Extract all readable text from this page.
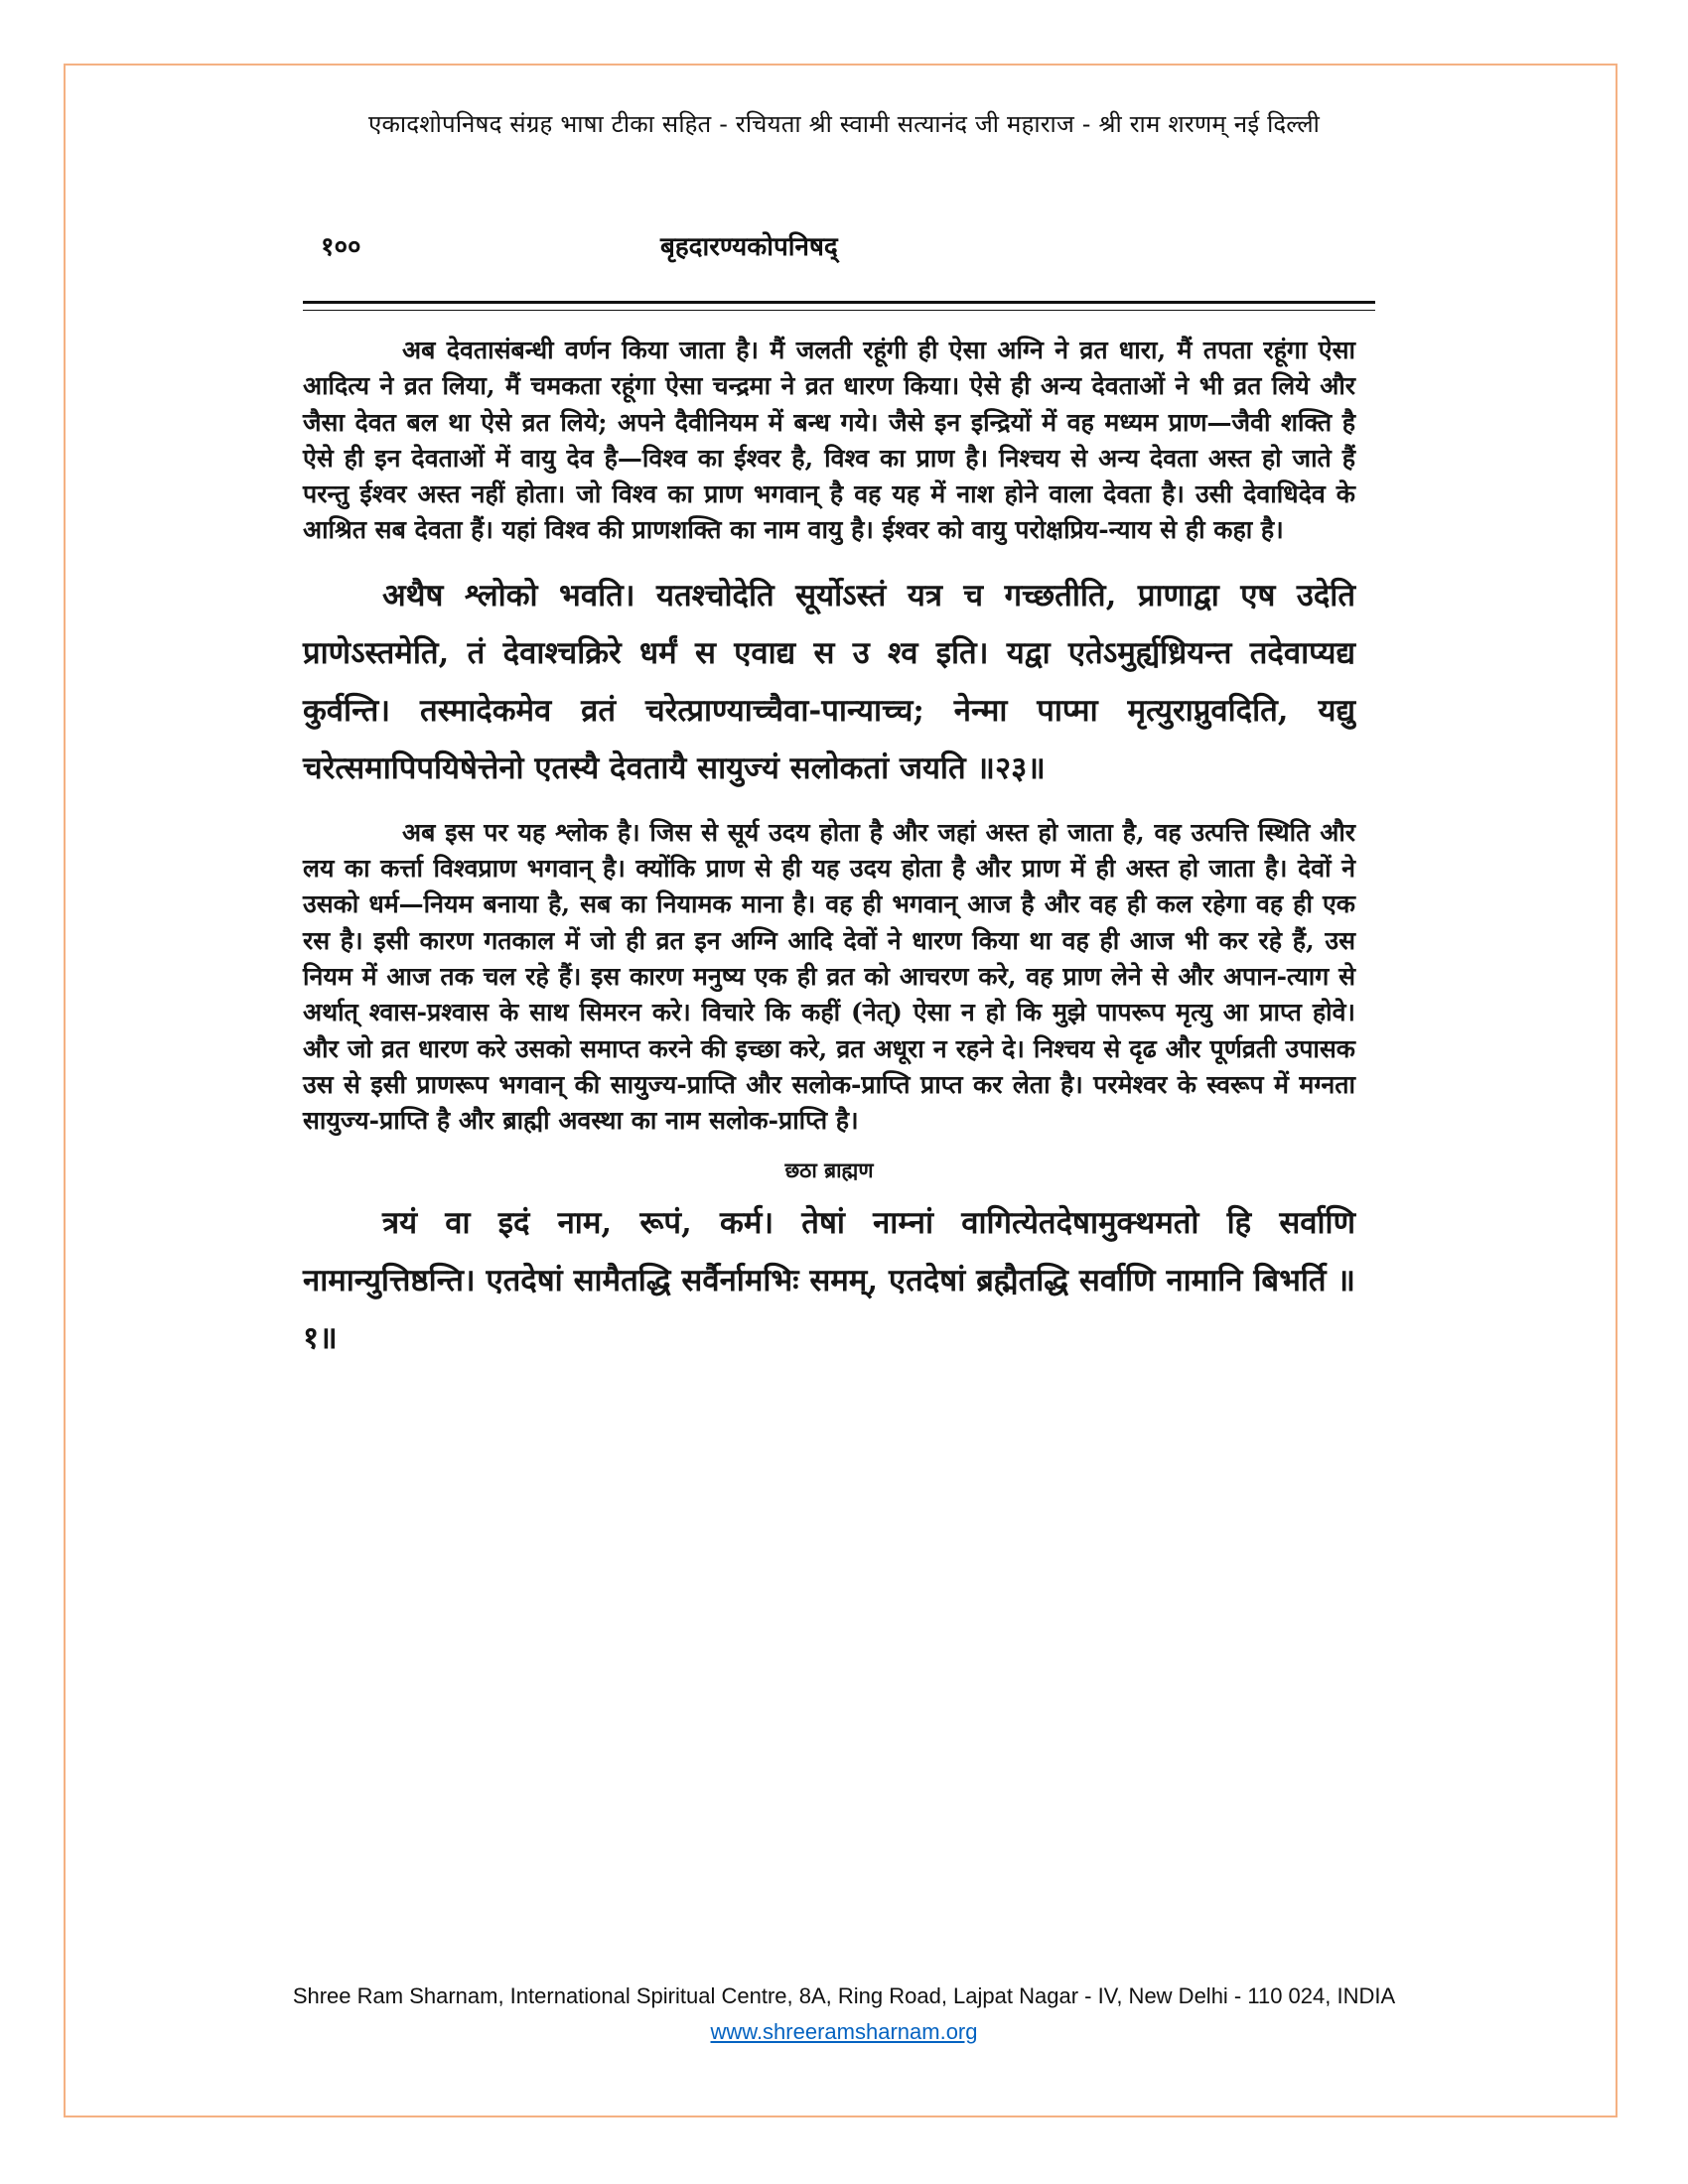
एकादशोपनिषद संग्रह भाषा टीका सहित - रचियता श्री स्वामी सत्यानंद जी महाराज - श्री राम शरणम् नई दिल्ली
१००	बृहदारण्यकोपनिषद्

अब देवतासंबन्धी वर्णन किया जाता है। मैं जलती रहूंगी ही ऐसा अग्नि ने व्रत धारा, मैं तपता रहूंगा ऐसा आदित्य ने व्रत लिया, मैं चमकता रहूंगा ऐसा चन्द्रमा ने व्रत धारण किया। ऐसे ही अन्य देवताओं ने भी व्रत लिये और जैसा देवत बल था ऐसे व्रत लिये; अपने दैवीनियम में बन्ध गये। जैसे इन इन्द्रियों में वह मध्यम प्राण—जैवी शक्ति है ऐसे ही इन देवताओं में वायु देव है—विश्व का ईश्वर है, विश्व का प्राण है। निश्चय से अन्य देवता अस्त हो जाते हैं परन्तु ईश्वर अस्त नहीं होता। जो विश्व का प्राण भगवान् है वह यह में नाश होने वाला देवता है। उसी देवाधिदेव के आश्रित सब देवता हैं। यहां विश्व की प्राणशक्ति का नाम वायु है। ईश्वर को वायु परोक्षप्रिय-न्याय से ही कहा है।

अथैष श्लोको भवति। यतश्चोदेति सूर्योऽस्तं यत्र च गच्छतीति, प्राणाद्वा एष उदेति प्राणेऽस्तमेति, तं देवाश्चक्रिरे धर्मं स एवाद्य स उ श्व इति। यद्वा एतेऽमुर्ह्यध्रियन्त तदेवाप्यद्य कुर्वन्ति। तस्मादेकमेव व्रतं चरेत्प्राण्याच्चैवा-पान्याच्च; नेन्मा पाप्मा मृत्युराप्नुवदिति, यद्यु चरेत्समापिपयिषेत्तेनो एतस्यै देवतायै सायुज्यं सलोकतां जयति ॥२३॥

अब इस पर यह श्लोक है। जिस से सूर्य उदय होता है और जहां अस्त हो जाता है, वह उत्पत्ति स्थिति और लय का कर्त्ता विश्वप्राण भगवान् है। क्योंकि प्राण से ही यह उदय होता है और प्राण में ही अस्त हो जाता है। देवों ने उसको धर्म—नियम बनाया है, सब का नियामक माना है। वह ही भगवान् आज है और वह ही कल रहेगा वह ही एक रस है। इसी कारण गतकाल में जो ही व्रत इन अग्नि आदि देवों ने धारण किया था वह ही आज भी कर रहे हैं, उस नियम में आज तक चल रहे हैं। इस कारण मनुष्य एक ही व्रत को आचरण करे, वह प्राण लेने से और अपान-त्याग से अर्थात् श्वास-प्रश्वास के साथ सिमरन करे। विचारे कि कहीं (नेत्) ऐसा न हो कि मुझे पापरूप मृत्यु आ प्राप्त होवे। और जो व्रत धारण करे उसको समाप्त करने की इच्छा करे, व्रत अधूरा न रहने दे। निश्चय से दृढ और पूर्णव्रती उपासक उस से इसी प्राणरूप भगवान् की सायुज्य-प्राप्ति और सलोक-प्राप्ति प्राप्त कर लेता है। परमेश्वर के स्वरूप में मग्नता सायुज्य-प्राप्ति है और ब्राह्मी अवस्था का नाम सलोक-प्राप्ति है।

छठा ब्राह्मण

त्रयं वा इदं नाम, रूपं, कर्म। तेषां नाम्नां वागित्येतदेषामुक्थमतो हि सर्वाणि नामान्युत्तिष्ठन्ति। एतदेषां सामैतद्धि सर्वैर्नामभिः समम्, एतदेषां ब्रह्मैतद्धि सर्वाणि नामानि बिभर्ति ॥१॥

Shree Ram Sharnam, International Spiritual Centre, 8A, Ring Road, Lajpat Nagar - IV, New Delhi - 110 024, INDIA
www.shreeramsharnam.org
